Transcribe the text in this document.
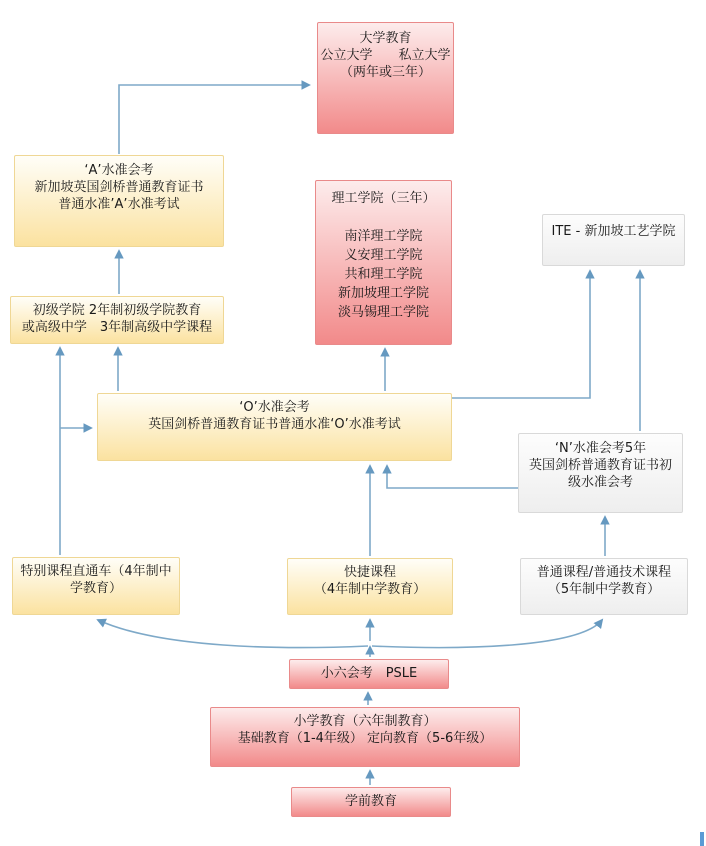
大学教育
公立大学　　私立大学
（两年或三年）
‘A’水准会考
新加坡英国剑桥普通教育证书
普通水准’A’水准考试
初级学院 2年制初级学院教育
或高级中学　3年制高级中学课程
理工学院（三年）
南洋理工学院
义安理工学院
共和理工学院
新加坡理工学院
淡马锡理工学院
ITE - 新加坡工艺学院
‘O’水准会考
英国剑桥普通教育证书普通水准‘O’水准考试
‘N’水准会考5年
英国剑桥普通教育证书初
级水准会考
特别课程直通车（4年制中
学教育）
快捷课程
（4年制中学教育）
普通课程/普通技术课程
（5年制中学教育）
小六会考　PSLE
小学教育（六年制教育）
基础教育（1-4年级） 定向教育（5-6年级）
学前教育
